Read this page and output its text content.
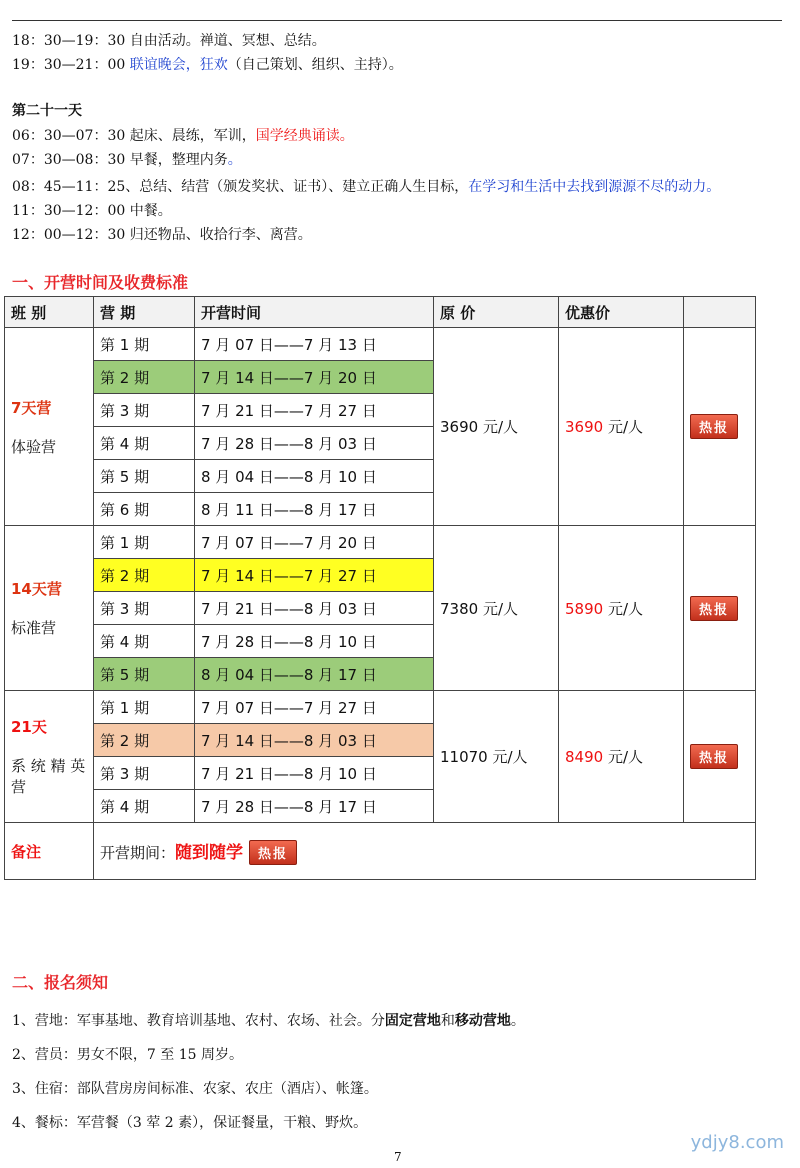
18：30—19：30 自由活动。禅道、冥想、总结。
19：30—21：00 联谊晚会，狂欢（自己策划、组织、主持）。
第二十一天
06：30—07：30 起床、晨练，军训，国学经典诵读。
07：30—08：30 早餐，整理内务。
08：45—11：25、总结、结营（颁发奖状、证书）、建立正确人生目标，在学习和生活中去找到源源不尽的动力。
11：30—12：00 中餐。
12：00—12：30 归还物品、收拾行李、离营。
一、开营时间及收费标准
班 别	营 期	开营时间	原 价	优惠价	

7天营
体验营	第 1 期	7 月 07 日——7 月 13 日	3690 元/人	3690 元/人	热报
	第 2 期	7 月 14 日——7 月 20 日			
	第 3 期	7 月 21 日——7 月 27 日			
	第 4 期	7 月 28 日——8 月 03 日			
	第 5 期	8 月 04 日——8 月 10 日			
	第 6 期	8 月 11 日——8 月 17 日			

14天营
标准营	第 1 期	7 月 07 日——7 月 20 日	7380 元/人	5890 元/人	热报
	第 2 期	7 月 14 日——7 月 27 日			
	第 3 期	7 月 21 日——8 月 03 日			
	第 4 期	7 月 28 日——8 月 10 日			
	第 5 期	8 月 04 日——8 月 17 日			

21天
系 统 精 英营	第 1 期	7 月 07 日——7 月 27 日	11070 元/人	8490 元/人	热报
	第 2 期	7 月 14 日——8 月 03 日			
	第 3 期	7 月 21 日——8 月 10 日			
	第 4 期	7 月 28 日——8 月 17 日			
备注	开营期间：随到随学 热报				
二、报名须知
1、营地：军事基地、教育培训基地、农村、农场、社会。分固定营地和移动营地。
2、营员：男女不限，7 至 15 周岁。
3、住宿：部队营房房间标准、农家、农庄（酒店）、帐篷。
4、餐标：军营餐（3 荤 2 素），保证餐量，干粮、野炊。
ydjy8.com
7
